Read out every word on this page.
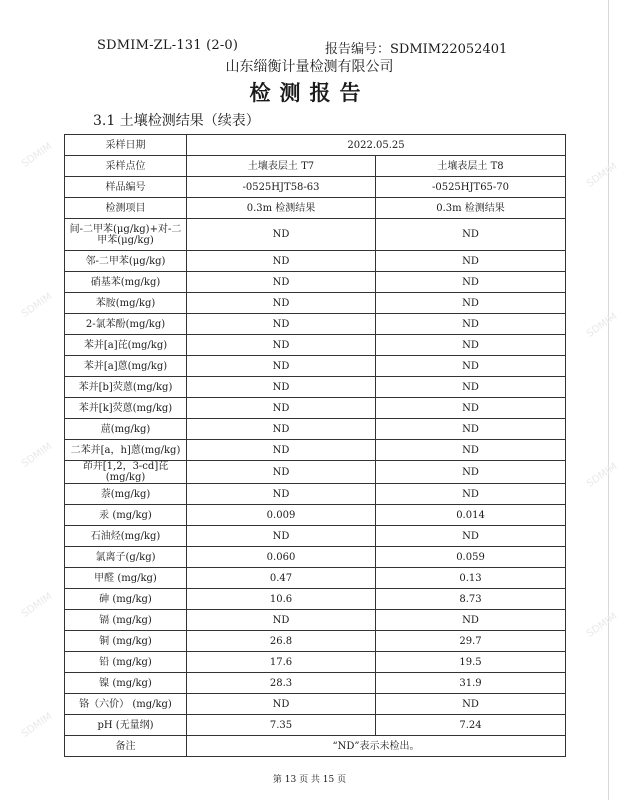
SDMIM-ZL-131 (2-0)	报告编号：SDMIM22052401
山东缁衡计量检测有限公司
检测报告
3.1 土壤检测结果（续表）
采样日期	2022.05.25	
采样点位	土壤表层土 T7	土壤表层土 T8
样品编号	-0525HJT58-63	-0525HJT65-70
检测项目	0.3m 检测结果	0.3m 检测结果
间-二甲苯(μg/kg)+对-二甲苯(μg/kg)	ND	ND
邻-二甲苯(μg/kg)	ND	ND
硝基苯(mg/kg)	ND	ND
苯胺(mg/kg)	ND	ND
2-氯苯酚(mg/kg)	ND	ND
苯并[a]芘(mg/kg)	ND	ND
苯并[a]蒽(mg/kg)	ND	ND
苯并[b]荧蒽(mg/kg)	ND	ND
苯并[k]荧蒽(mg/kg)	ND	ND
䓛(mg/kg)	ND	ND
二苯并[a，h]蒽(mg/kg)	ND	ND
茚并[1,2，3-cd]芘(mg/kg)	ND	ND
萘(mg/kg)	ND	ND
汞 (mg/kg)	0.009	0.014
石油烃(mg/kg)	ND	ND
氯离子(g/kg)	0.060	0.059
甲醛 (mg/kg)	0.47	0.13
砷 (mg/kg)	10.6	8.73
镉 (mg/kg)	ND	ND
铜 (mg/kg)	26.8	29.7
铅 (mg/kg)	17.6	19.5
镍 (mg/kg)	28.3	31.9
铬（六价） (mg/kg)	ND	ND
pH (无量纲)	7.35	7.24
备注	“ND”表示未检出。	
第 13 页 共 15 页
SDMIM
SDMIM
SDMIM
SDMIM
SDMIM
SDMIM
SDMIM
SDMIM
SDMIM
